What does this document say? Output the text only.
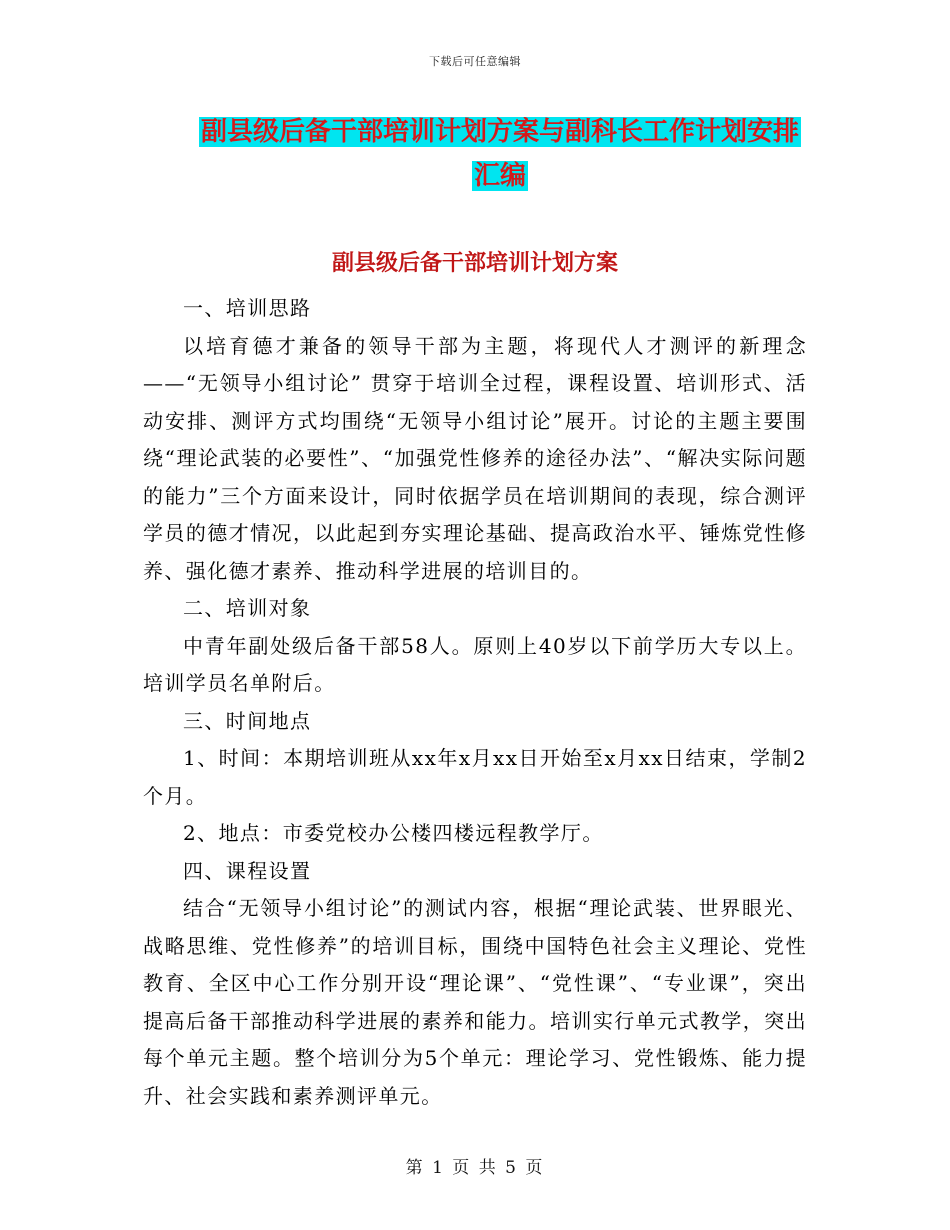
下载后可任意编辑
副县级后备干部培训计划方案与副科长工作计划安排
汇编
副县级后备干部培训计划方案

一、培训思路

以培育德才兼备的领导干部为主题，将现代人才测评的新理念——“无领导小组讨论” 贯穿于培训全过程，课程设置、培训形式、活动安排、测评方式均围绕“无领导小组讨论”展开。讨论的主题主要围绕“理论武装的必要性”、“加强党性修养的途径办法”、“解决实际问题的能力”三个方面来设计，同时依据学员在培训期间的表现，综合测评学员的德才情况，以此起到夯实理论基础、提高政治水平、锤炼党性修养、强化德才素养、推动科学进展的培训目的。

二、培训对象

中青年副处级后备干部58人。原则上40岁以下前学历大专以上。培训学员名单附后。

三、时间地点

1、时间：本期培训班从xx年x月xx日开始至x月xx日结束，学制2个月。

2、地点：市委党校办公楼四楼远程教学厅。

四、课程设置

结合“无领导小组讨论”的测试内容，根据“理论武装、世界眼光、战略思维、党性修养”的培训目标，围绕中国特色社会主义理论、党性教育、全区中心工作分别开设“理论课”、“党性课”、“专业课”，突出提高后备干部推动科学进展的素养和能力。培训实行单元式教学，突出每个单元主题。整个培训分为5个单元：理论学习、党性锻炼、能力提升、社会实践和素养测评单元。

第 1 页 共 5 页
